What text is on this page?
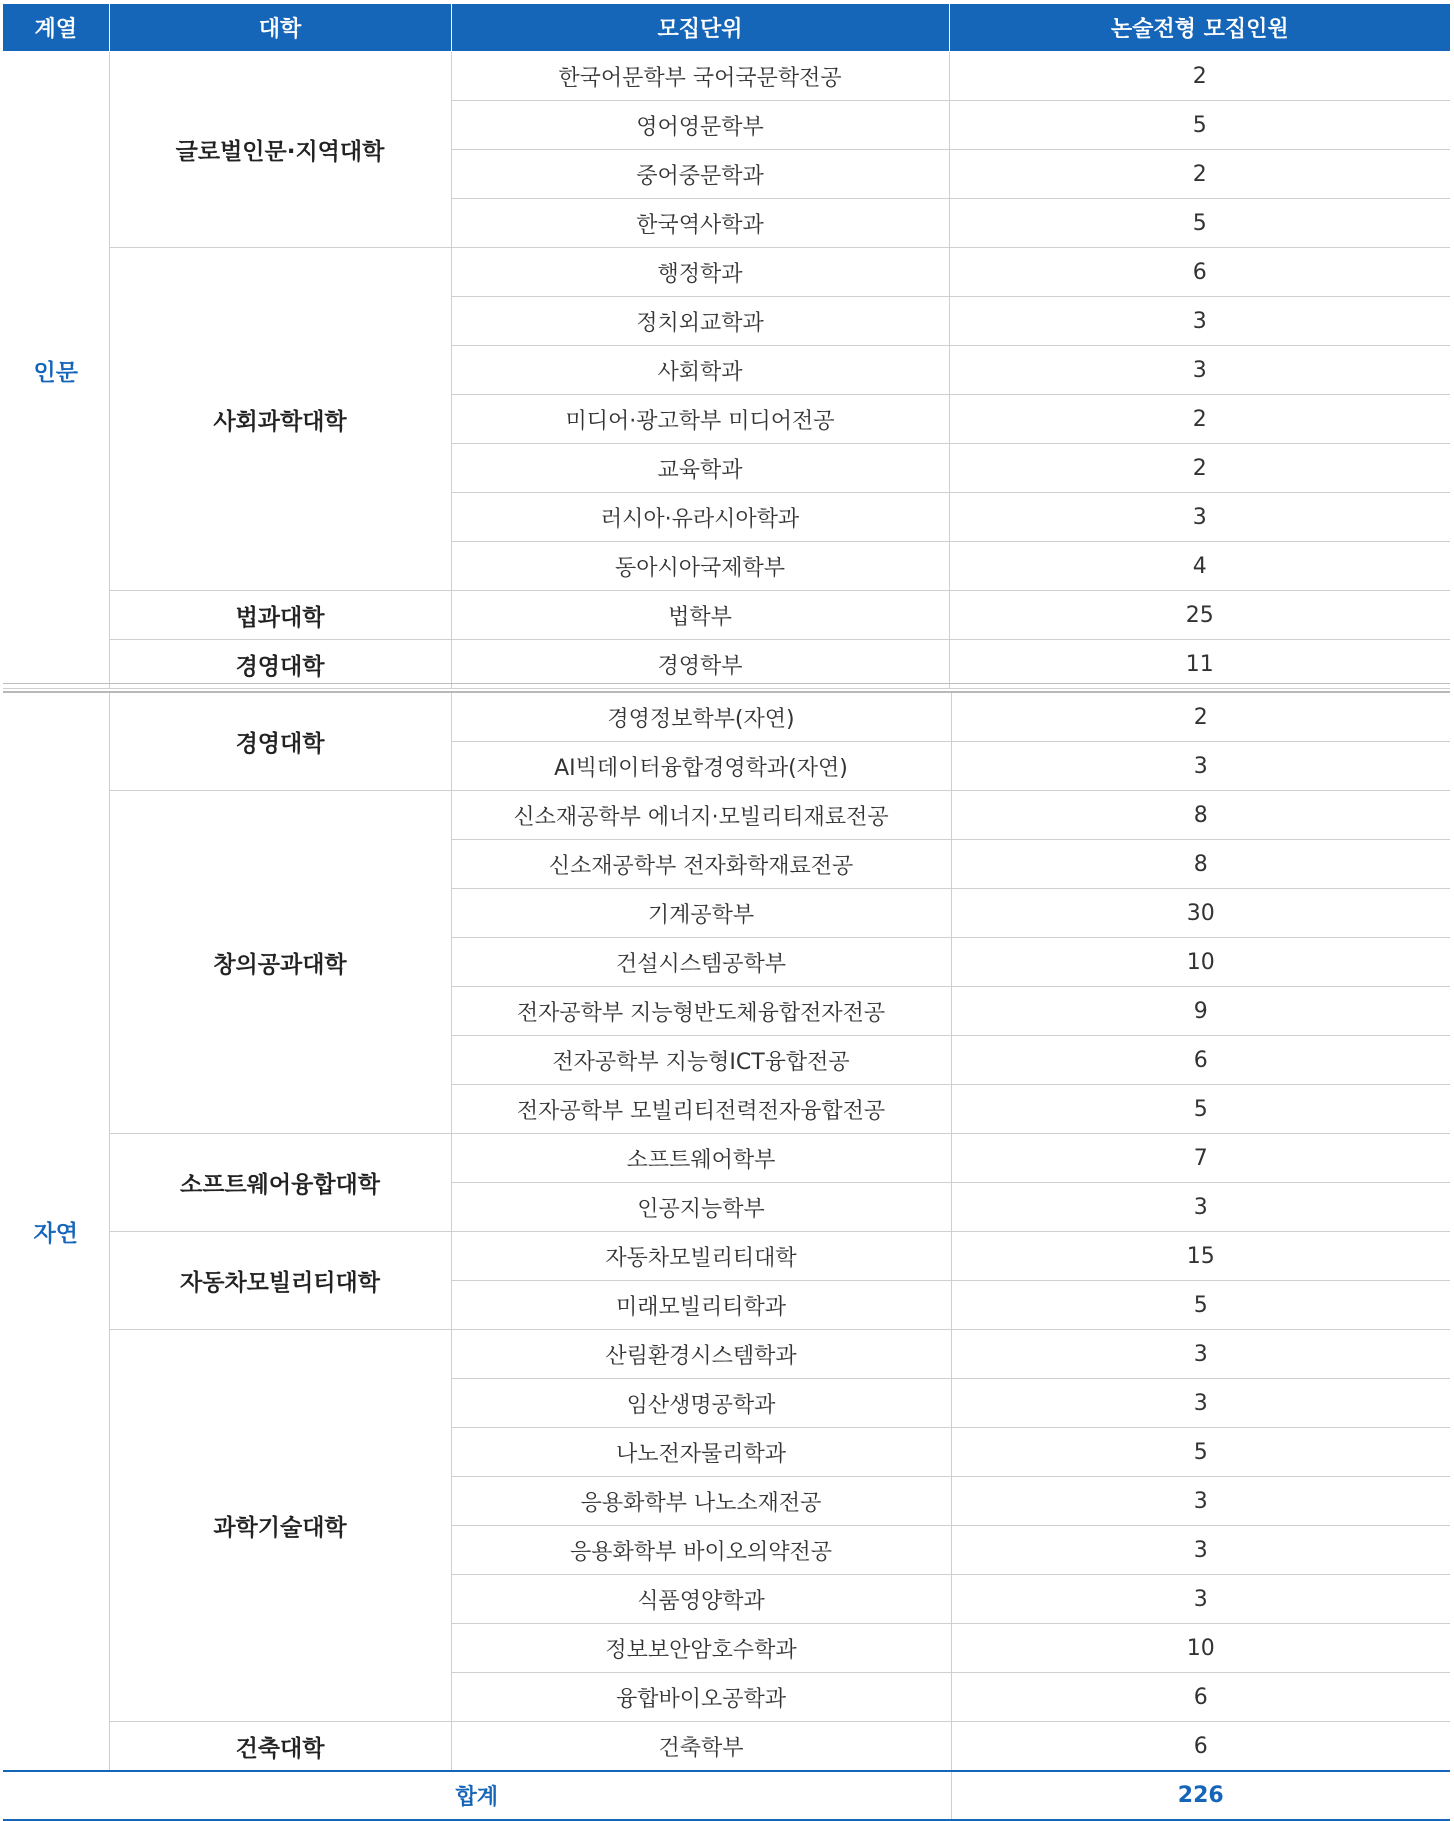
계열	대학	모집단위	논술전형 모집인원
인문	글로벌인문·지역대학	한국어문학부 국어국문학전공	2
		영어영문학부	5
		중어중문학과	2
		한국역사학과	5
	사회과학대학	행정학과	6
		정치외교학과	3
		사회학과	3
		미디어·광고학부 미디어전공	2
		교육학과	2
		러시아·유라시아학과	3
		동아시아국제학부	4
	법과대학	법학부	25
	경영대학	경영학부	11
자연	경영대학	경영정보학부(자연)	2
		AI빅데이터융합경영학과(자연)	3
	창의공과대학	신소재공학부 에너지·모빌리티재료전공	8
		신소재공학부 전자화학재료전공	8
		기계공학부	30
		건설시스템공학부	10
		전자공학부 지능형반도체융합전자전공	9
		전자공학부 지능형ICT융합전공	6
		전자공학부 모빌리티전력전자융합전공	5
	소프트웨어융합대학	소프트웨어학부	7
		인공지능학부	3
	자동차모빌리티대학	자동차모빌리티대학	15
		미래모빌리티학과	5
	과학기술대학	산림환경시스템학과	3
		임산생명공학과	3
		나노전자물리학과	5
		응용화학부 나노소재전공	3
		응용화학부 바이오의약전공	3
		식품영양학과	3
		정보보안암호수학과	10
		융합바이오공학과	6
	건축대학	건축학부	6
합계			226
